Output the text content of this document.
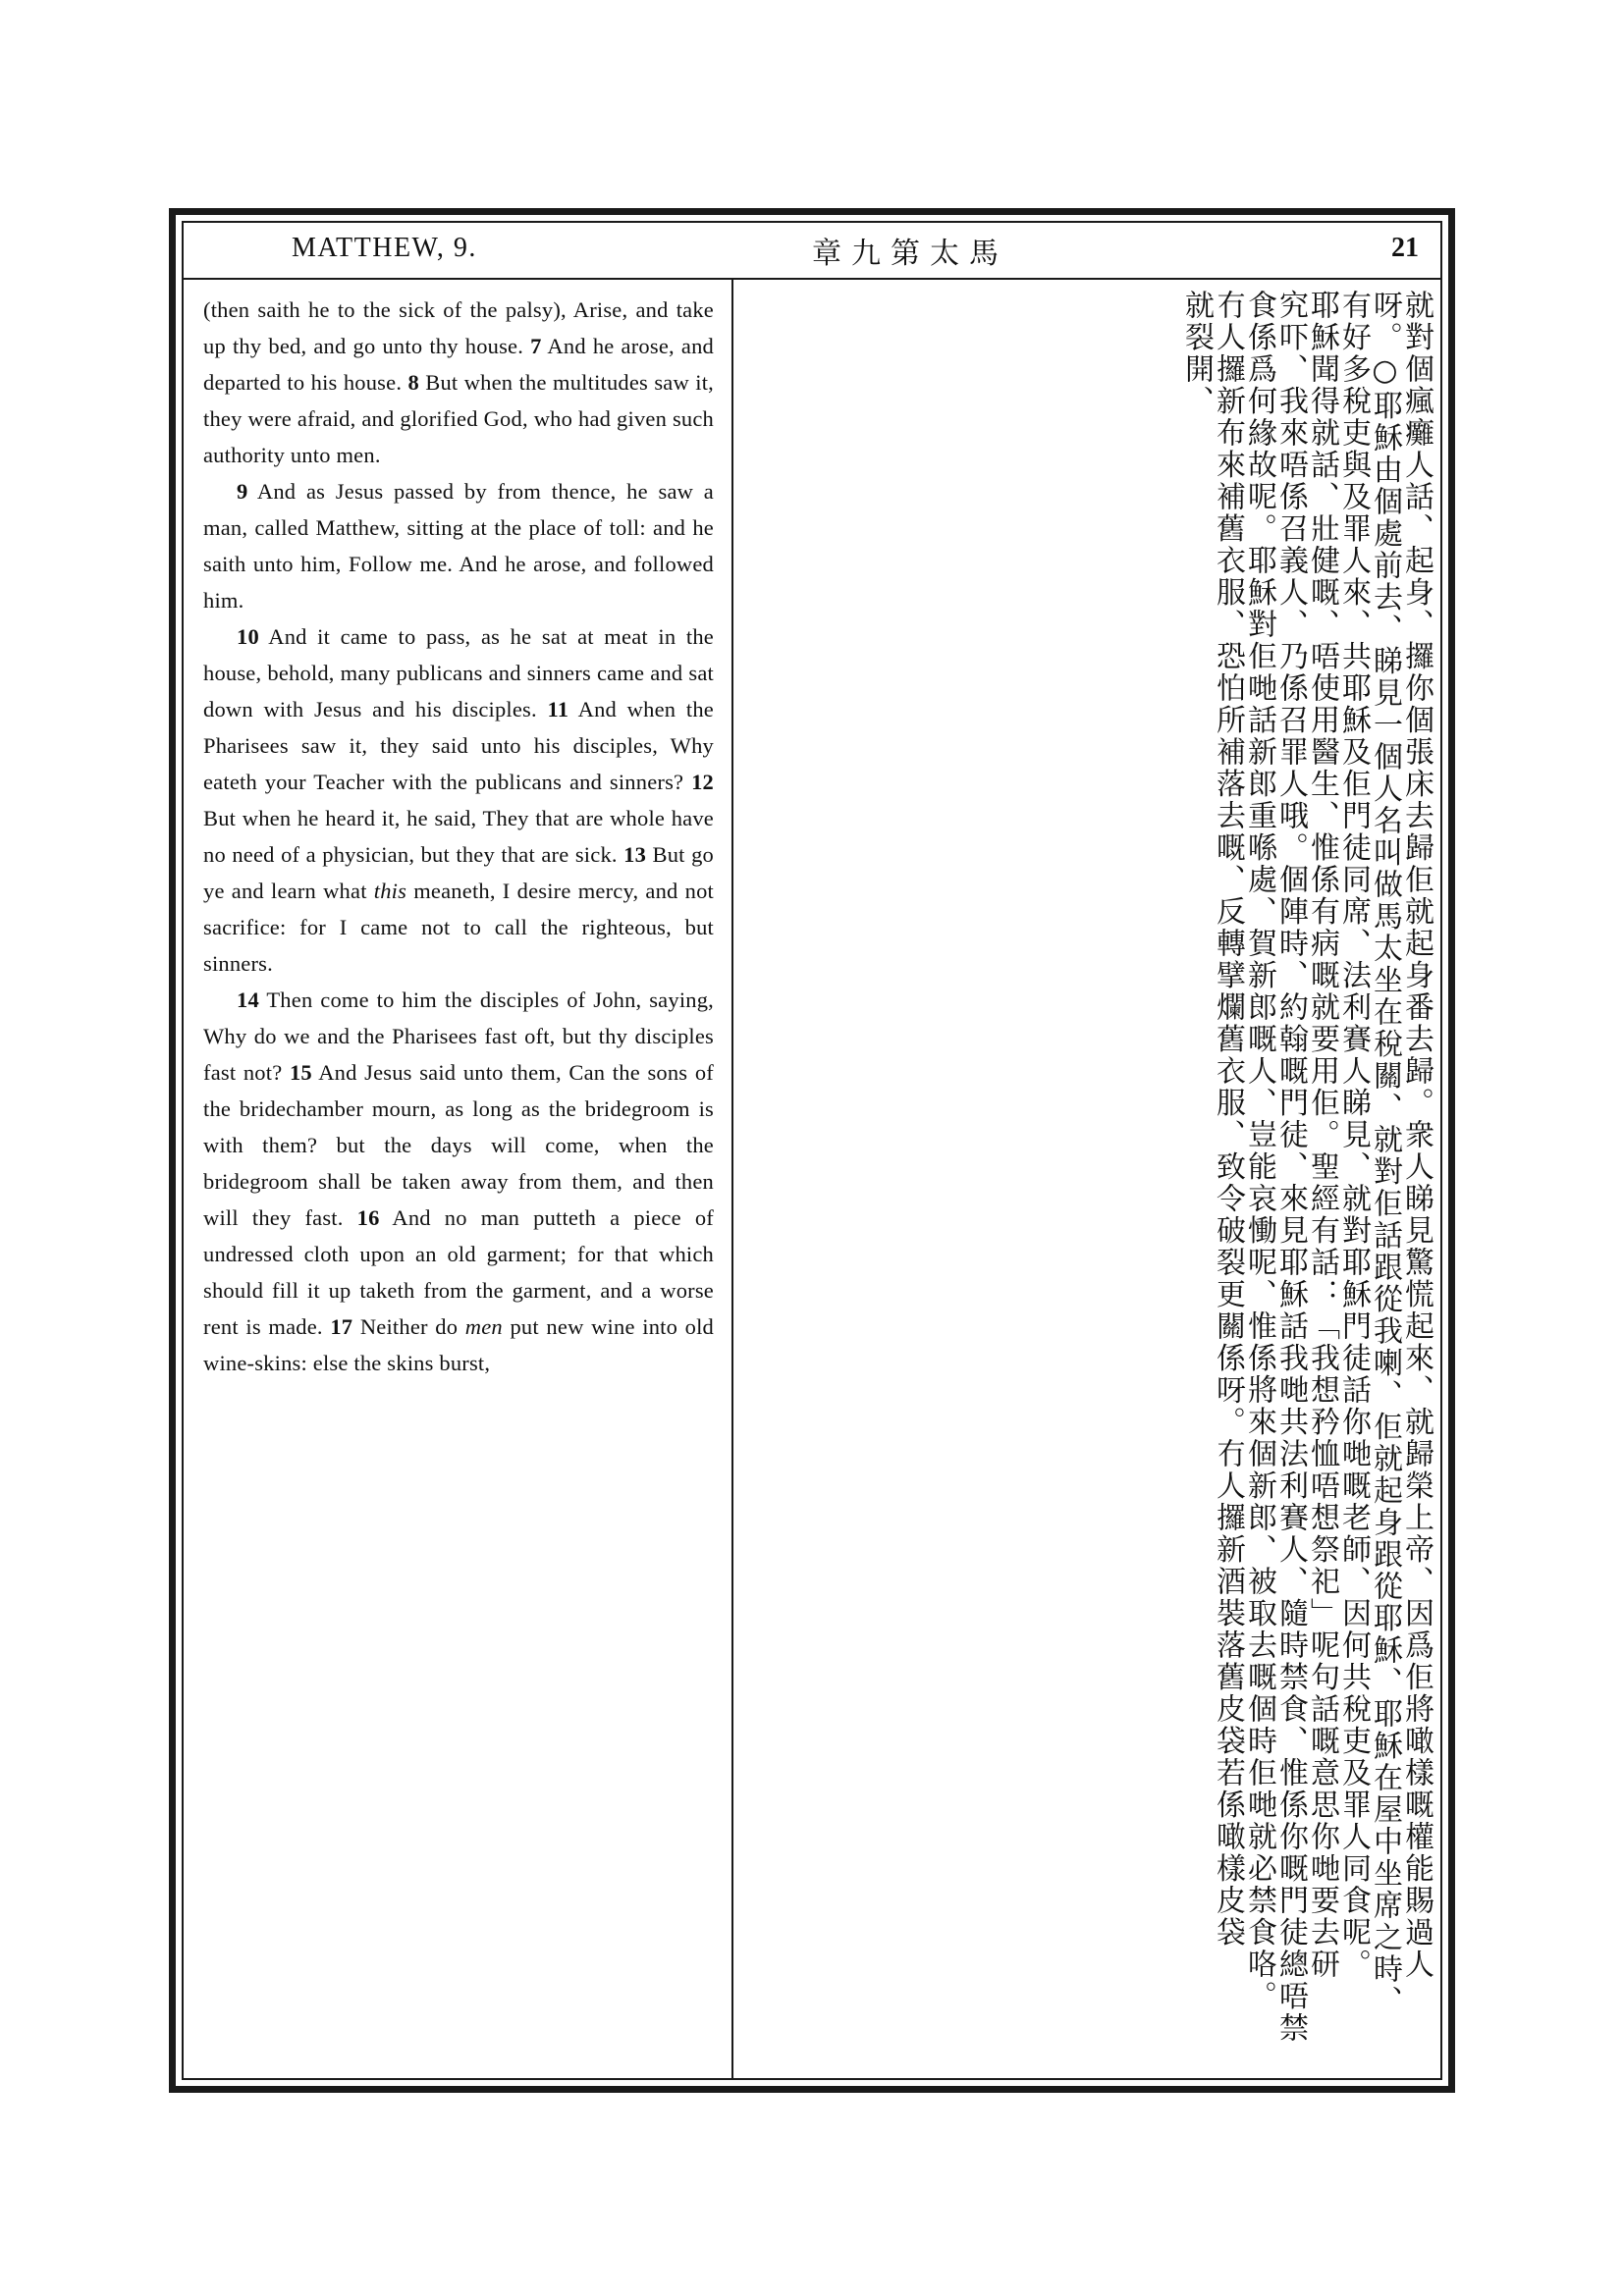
MATTHEW, 9.	章九第太馬	21

(then saith he to the sick of the palsy), Arise, and take up thy bed, and go unto thy house. 7 And he arose, and departed to his house. 8 But when the multitudes saw it, they were afraid, and glorified God, who had given such authority unto men.

9 And as Jesus passed by from thence, he saw a man, called Matthew, sitting at the place of toll: and he saith unto him, Follow me. And he arose, and followed him.

10 And it came to pass, as he sat at meat in the house, behold, many publicans and sinners came and sat down with Jesus and his disciples. 11 And when the Pharisees saw it, they said unto his disciples, Why eateth your Teacher with the publicans and sinners? 12 But when he heard it, he said, They that are whole have no need of a physician, but they that are sick. 13 But go ye and learn what this meaneth, I desire mercy, and not sacrifice: for I came not to call the righteous, but sinners.

14 Then come to him the disciples of John, saying, Why do we and the Pharisees fast oft, but thy disciples fast not? 15 And Jesus said unto them, Can the sons of the bridechamber mourn, as long as the bridegroom is with them? but the days will come, when the bridegroom shall be taken away from them, and then will they fast. 16 And no man putteth a piece of undressed cloth upon an old garment; for that which should fill it up taketh from the garment, and a worse rent is made. 17 Neither do men put new wine into old wine-skins: else the skins burst,	就對個瘋癱人話、起身、攞你個張床去歸佢就起身番去歸。衆人睇見驚慌起來、就歸榮上帝、因爲佢將噉樣嘅權能賜過人
呀。○耶穌由個處前去、睇見一個人名叫做馬太坐在稅關、就對佢話跟從我喇、佢就起身跟從耶穌、耶穌在屋中坐席之時、
有好多稅吏與及罪人來、共耶穌及佢門徒同席、法利賽人睇見、就對耶穌門徒話你哋嘅老師、因何共稅吏及罪人同食呢。
耶穌聞得就話、壯健嘅、唔使用醫生、惟係有病嘅就要用佢。聖經有話：「我想矜恤唔想祭祀」呢句話嘅意思你哋要去研
究吓、我來唔係召義人、乃係召罪人哦。個陣時、約翰嘅門徒、來見耶穌話我哋共法利賽人、隨時禁食、惟係你嘅門徒總唔禁
食係爲何緣故呢。耶穌對佢哋話新郎重喺處、賀新郎嘅人、豈能哀慟呢、惟係將來個新郎、被取去嘅個時佢哋就必禁食咯。
冇人攞新布來補舊衣服、恐怕所補落去嘅、反轉擘爛舊衣服、致令破裂更關係呀。冇人攞新酒裝落舊皮袋若係噉樣皮袋
就裂開、
